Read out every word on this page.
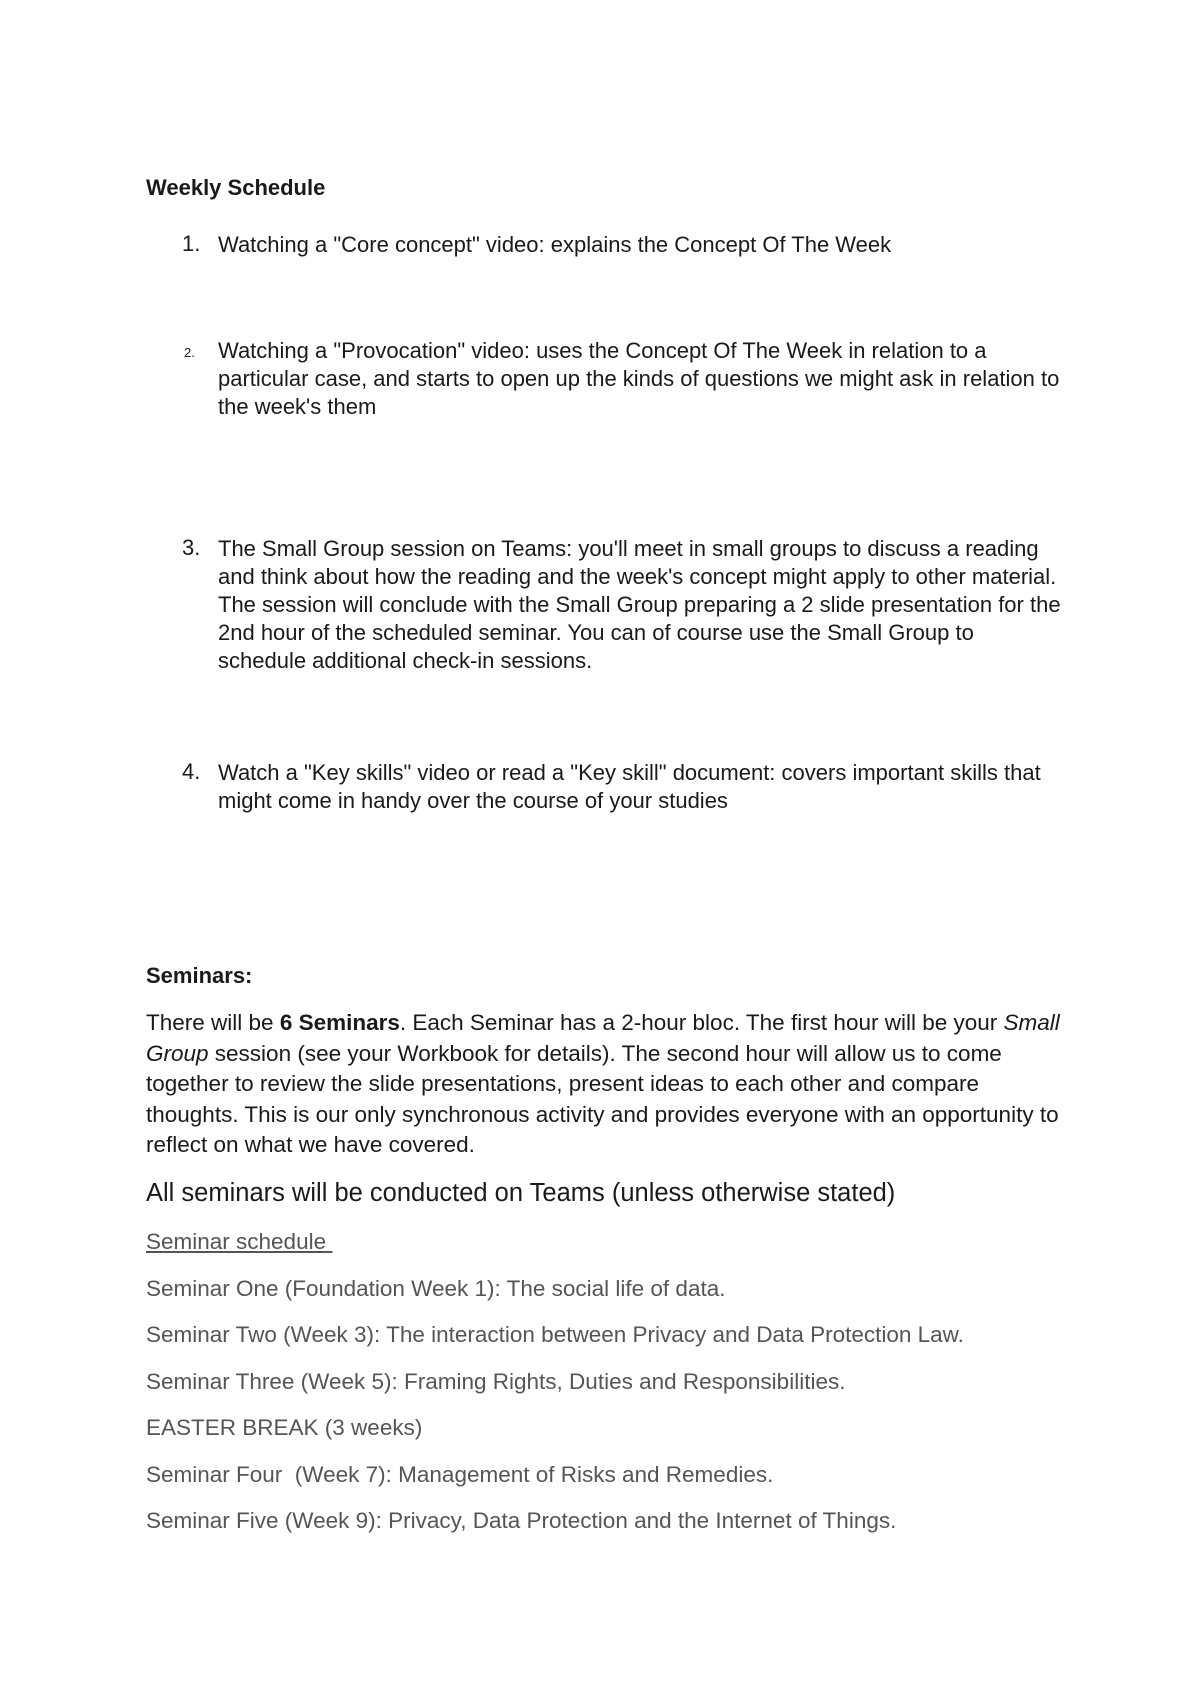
Weekly Schedule
1. Watching a "Core concept" video: explains the Concept Of The Week
2. Watching a "Provocation" video: uses the Concept Of The Week in relation to a particular case, and starts to open up the kinds of questions we might ask in relation to the week's them
3. The Small Group session on Teams: you'll meet in small groups to discuss a reading and think about how the reading and the week's concept might apply to other material. The session will conclude with the Small Group preparing a 2 slide presentation for the 2nd hour of the scheduled seminar. You can of course use the Small Group to schedule additional check-in sessions.
4. Watch a "Key skills" video or read a "Key skill" document: covers important skills that might come in handy over the course of your studies
Seminars:

There will be 6 Seminars. Each Seminar has a 2-hour bloc. The first hour will be your Small Group session (see your Workbook for details). The second hour will allow us to come together to review the slide presentations, present ideas to each other and compare thoughts. This is our only synchronous activity and provides everyone with an opportunity to reflect on what we have covered.

All seminars will be conducted on Teams (unless otherwise stated)
Seminar schedule
Seminar One (Foundation Week 1): The social life of data.
Seminar Two (Week 3): The interaction between Privacy and Data Protection Law.
Seminar Three (Week 5): Framing Rights, Duties and Responsibilities.
EASTER BREAK (3 weeks)
Seminar Four  (Week 7): Management of Risks and Remedies.
Seminar Five (Week 9): Privacy, Data Protection and the Internet of Things.
